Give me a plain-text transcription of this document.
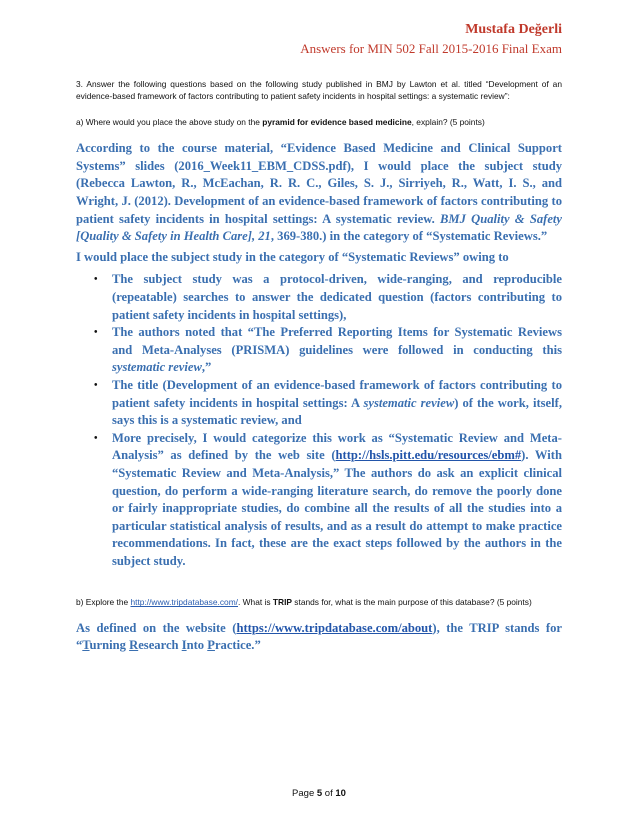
Mustafa Değerli
Answers for MIN 502 Fall 2015-2016 Final Exam

3. Answer the following questions based on the following study published in BMJ by Lawton et al. titled “Development of an evidence-based framework of factors contributing to patient safety incidents in hospital settings: a systematic review”:

a) Where would you place the above study on the pyramid for evidence based medicine, explain? (5 points)

According to the course material, “Evidence Based Medicine and Clinical Support Systems” slides (2016_Week11_EBM_CDSS.pdf), I would place the subject study (Rebecca Lawton, R., McEachan, R. R. C., Giles, S. J., Sirriyeh, R., Watt, I. S., and Wright, J. (2012). Development of an evidence-based framework of factors contributing to patient safety incidents in hospital settings: A systematic review. BMJ Quality & Safety [Quality & Safety in Health Care], 21, 369-380.) in the category of “Systematic Reviews.”

I would place the subject study in the category of “Systematic Reviews” owing to

• The subject study was a protocol-driven, wide-ranging, and reproducible (repeatable) searches to answer the dedicated question (factors contributing to patient safety incidents in hospital settings),
• The authors noted that “The Preferred Reporting Items for Systematic Reviews and Meta-Analyses (PRISMA) guidelines were followed in conducting this systematic review,”
• The title (Development of an evidence-based framework of factors contributing to patient safety incidents in hospital settings: A systematic review) of the work, itself, says this is a systematic review, and
• More precisely, I would categorize this work as “Systematic Review and Meta-Analysis” as defined by the web site (http://hsls.pitt.edu/resources/ebm#). With “Systematic Review and Meta-Analysis,” The authors do ask an explicit clinical question, do perform a wide-ranging literature search, do remove the poorly done or fairly inappropriate studies, do combine all the results of all the studies into a particular statistical analysis of results, and as a result do attempt to make practice recommendations. In fact, these are the exact steps followed by the authors in the subject study.

b) Explore the http://www.tripdatabase.com/. What is TRIP stands for, what is the main purpose of this database? (5 points)

As defined on the website (https://www.tripdatabase.com/about), the TRIP stands for “Turning Research Into Practice.”

Page 5 of 10
